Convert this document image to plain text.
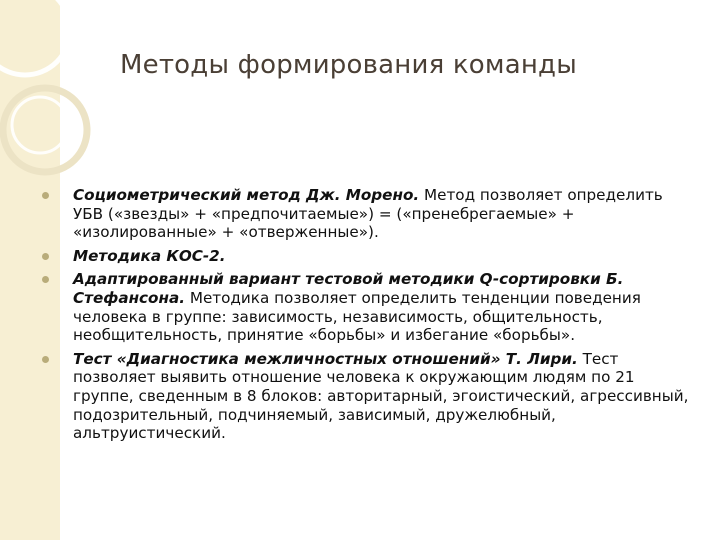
Методы формирования команды
Социометрический метод Дж. Морено. Метод позволяет определить УБВ («звезды» + «предпочитаемые») = («пренебрегаемые» + «изолированные» + «отверженные»).
Методика КОС-2.
Адаптированный вариант тестовой методики Q-сортировки Б. Стефансона. Методика позволяет определить тенденции поведения человека в группе: зависимость, независимость, общительность, необщительность, принятие «борьбы» и избегание «борьбы».
Тест «Диагностика межличностных отношений» Т. Лири. Тест позволяет выявить отношение человека к окружающим людям по 21 группе, сведенным в 8 блоков: авторитарный, эгоистический, агрессивный, подозрительный, подчиняемый, зависимый, дружелюбный, альтруистический.
